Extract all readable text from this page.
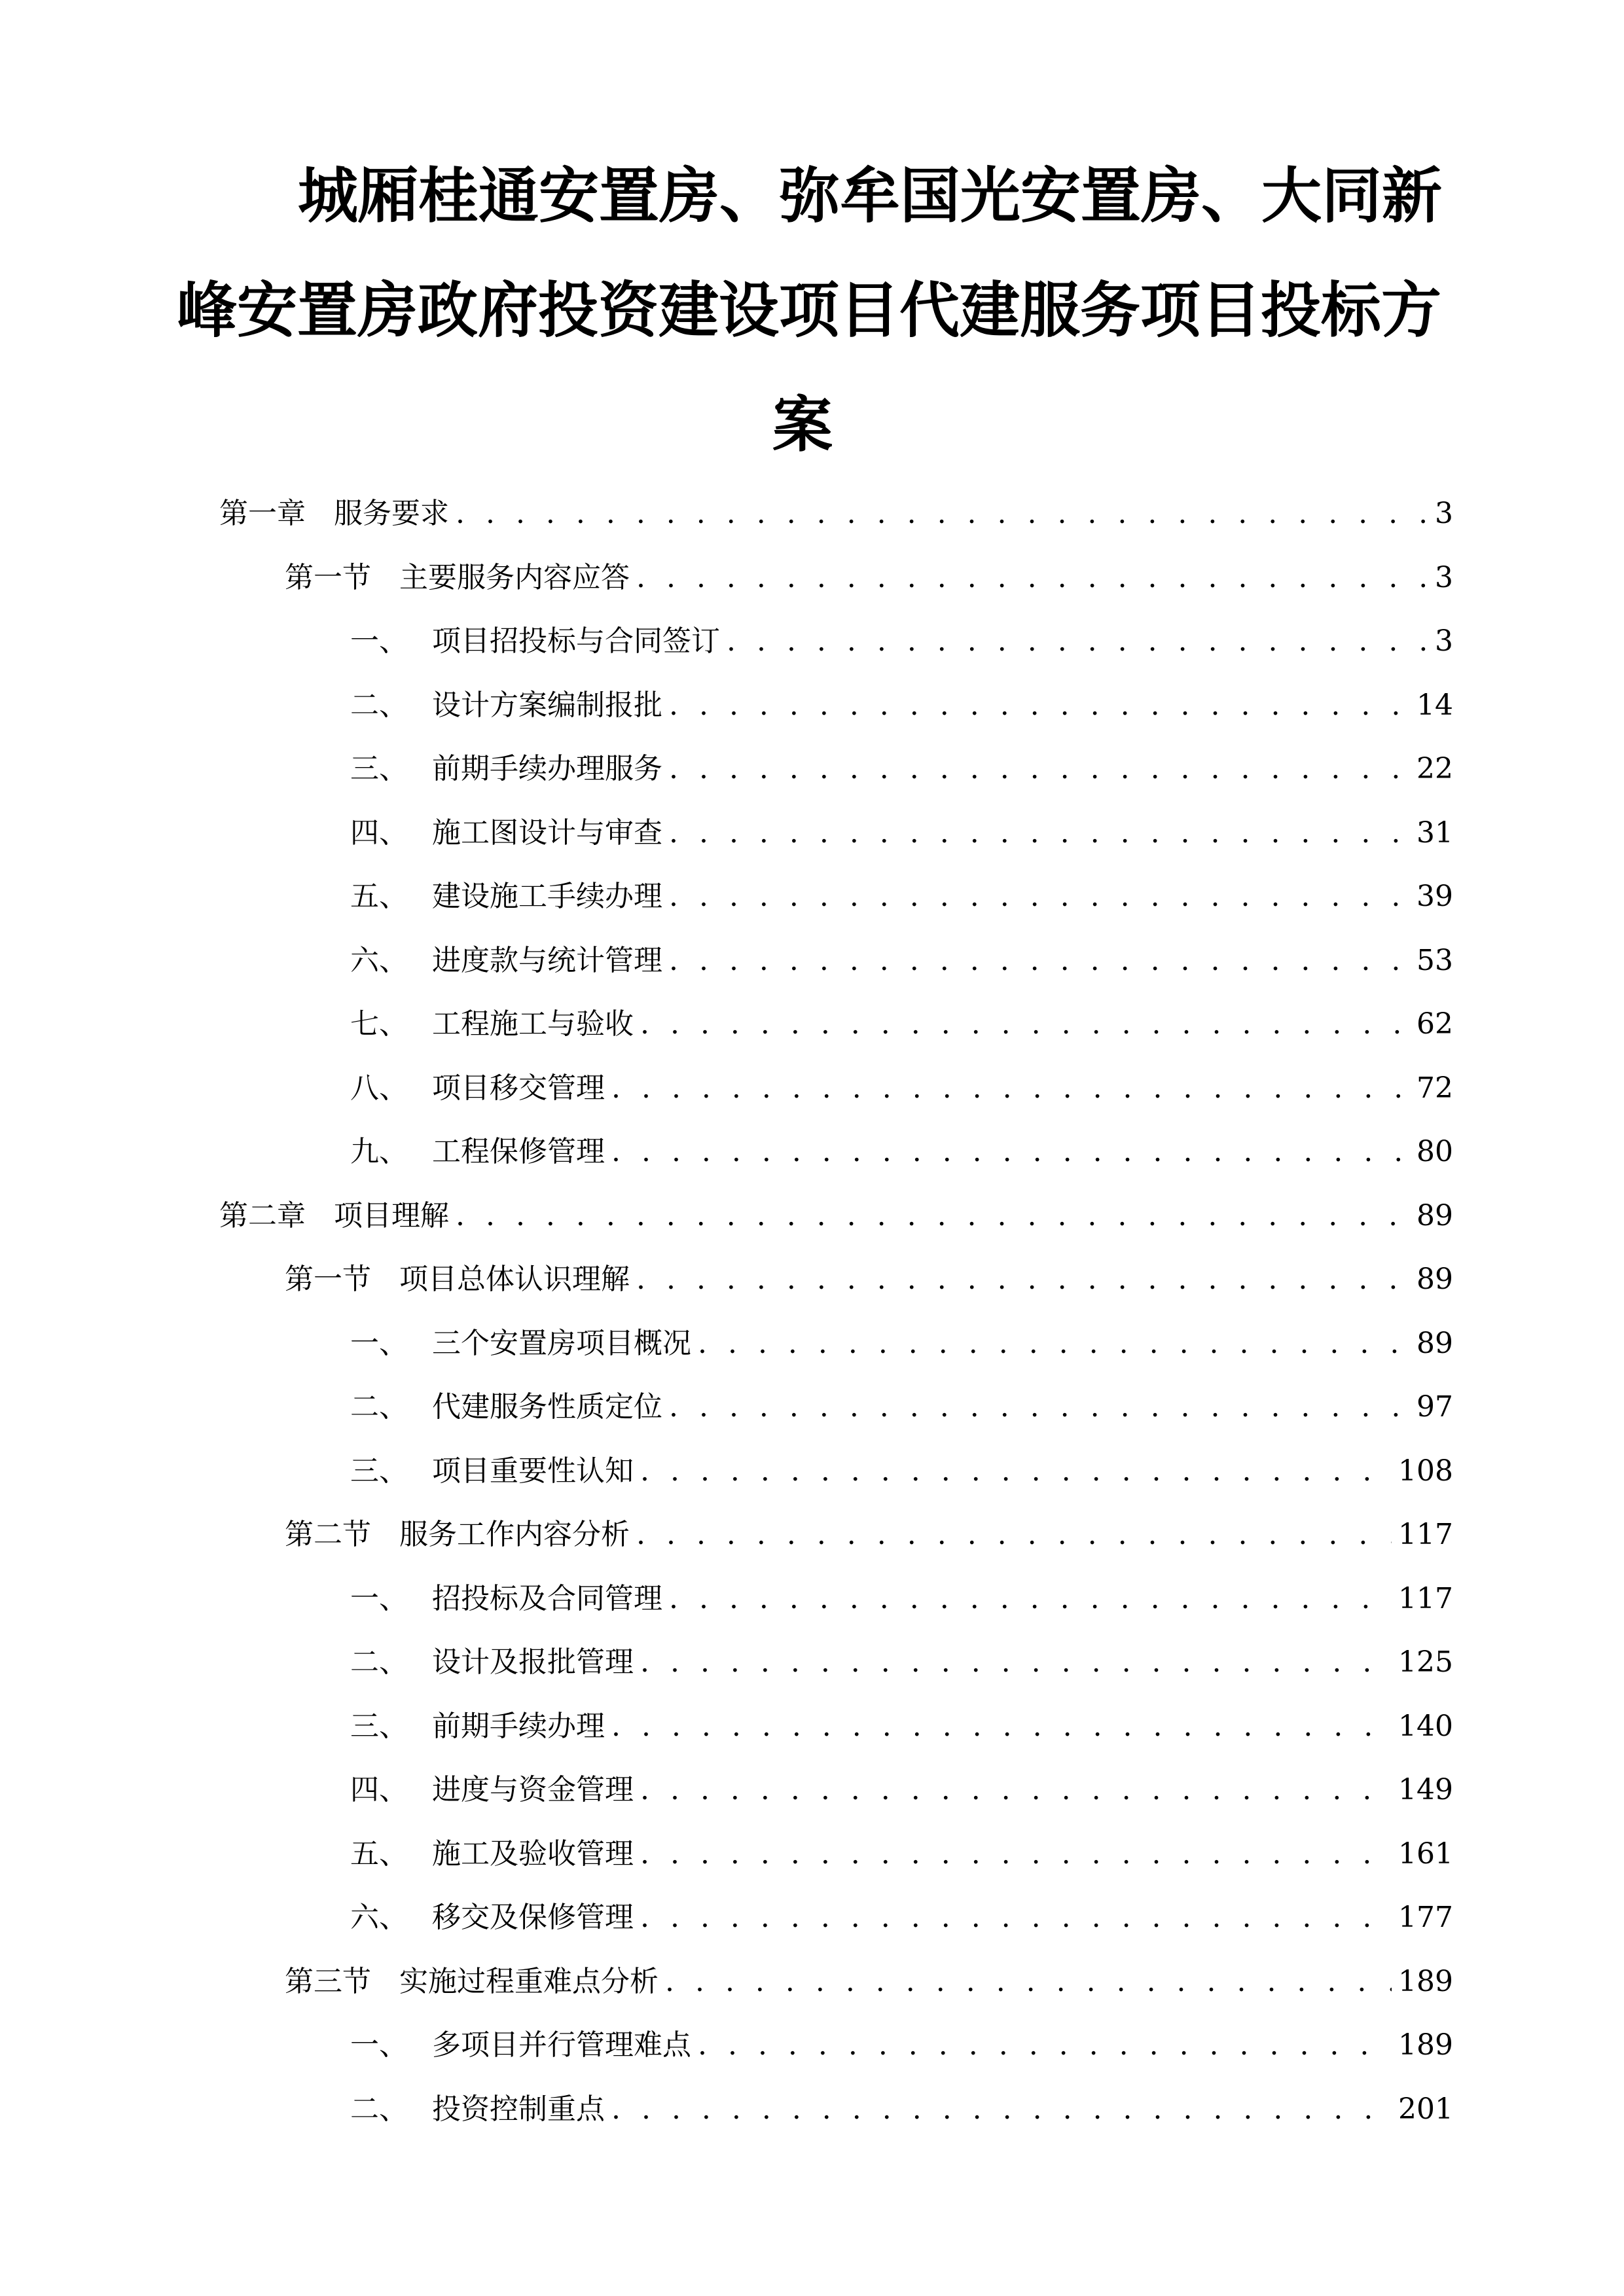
城厢桂通安置房、弥牟国光安置房、大同新
峰安置房政府投资建设项目代建服务项目投标方
案
第一章 服务要求 . . .	3
第一节 主要服务内容应答 . . .	3
一、 项目招投标与合同签订 . . .	3
二、 设计方案编制报批 . . .	14
三、 前期手续办理服务 . . .	22
四、 施工图设计与审查 . . .	31
五、 建设施工手续办理 . . .	39
六、 进度款与统计管理 . . .	53
七、 工程施工与验收 . . .	62
八、 项目移交管理 . . .	72
九、 工程保修管理 . . .	80
第二章 项目理解 . . .	89
第一节 项目总体认识理解 . . .	89
一、 三个安置房项目概况 . . .	89
二、 代建服务性质定位 . . .	97
三、 项目重要性认知 . . .	108
第二节 服务工作内容分析 . . .	117
一、 招投标及合同管理 . . .	117
二、 设计及报批管理 . . .	125
三、 前期手续办理 . . .	140
四、 进度与资金管理 . . .	149
五、 施工及验收管理 . . .	161
六、 移交及保修管理 . . .	177
第三节 实施过程重难点分析 . . .	189
一、 多项目并行管理难点 . . .	189
二、 投资控制重点 . . .	201
